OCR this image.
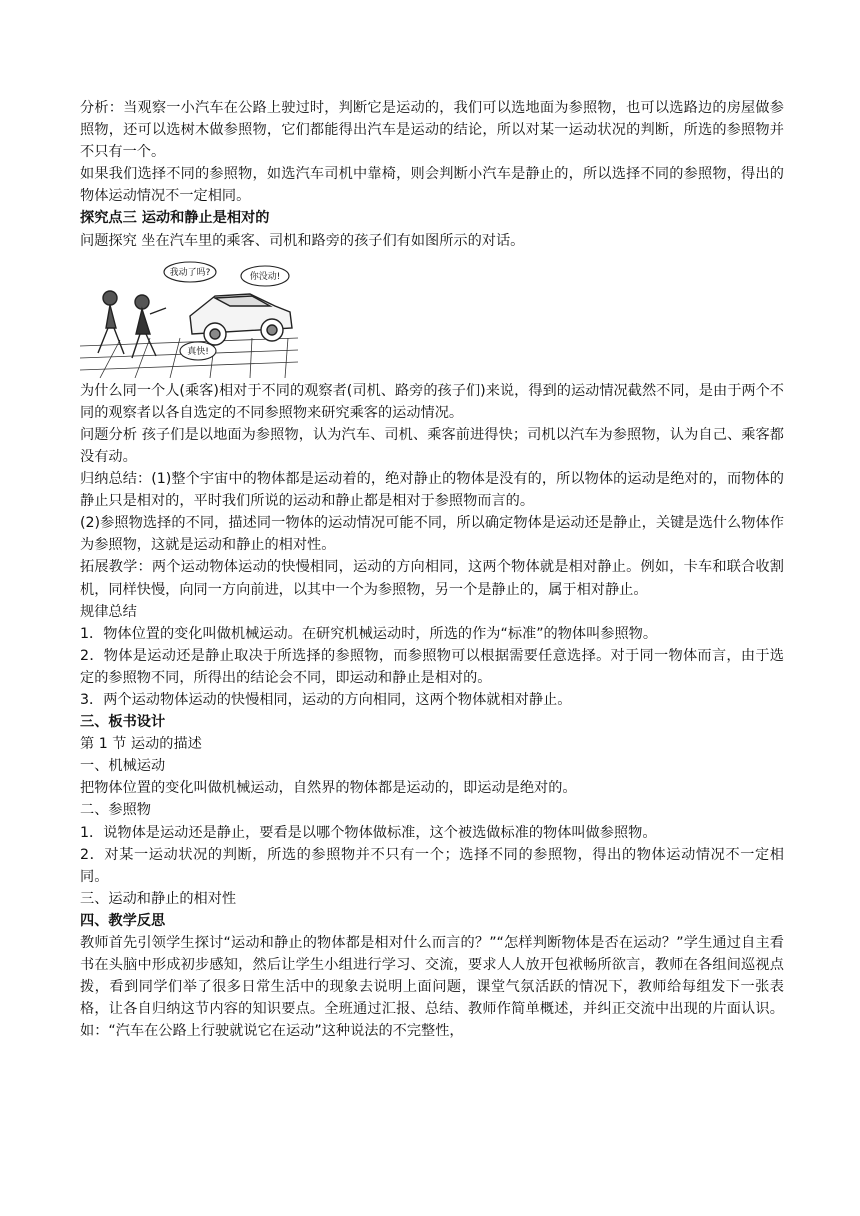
分析：当观察一小汽车在公路上驶过时，判断它是运动的，我们可以选地面为参照物，也可以选路边的房屋做参照物，还可以选树木做参照物，它们都能得出汽车是运动的结论，所以对某一运动状况的判断，所选的参照物并不只有一个。

如果我们选择不同的参照物，如选汽车司机中靠椅，则会判断小汽车是静止的，所以选择不同的参照物，得出的物体运动情况不一定相同。

探究点三 运动和静止是相对的

问题探究 坐在汽车里的乘客、司机和路旁的孩子们有如图所示的对话。

我动了吗?	你没动!
真快!

为什么同一个人(乘客)相对于不同的观察者(司机、路旁的孩子们)来说，得到的运动情况截然不同，是由于两个不同的观察者以各自选定的不同参照物来研究乘客的运动情况。

问题分析 孩子们是以地面为参照物，认为汽车、司机、乘客前进得快；司机以汽车为参照物，认为自己、乘客都没有动。

归纳总结：(1)整个宇宙中的物体都是运动着的，绝对静止的物体是没有的，所以物体的运动是绝对的，而物体的静止只是相对的，平时我们所说的运动和静止都是相对于参照物而言的。

(2)参照物选择的不同，描述同一物体的运动情况可能不同，所以确定物体是运动还是静止，关键是选什么物体作为参照物，这就是运动和静止的相对性。

拓展教学：两个运动物体运动的快慢相同，运动的方向相同，这两个物体就是相对静止。例如，卡车和联合收割机，同样快慢，向同一方向前进，以其中一个为参照物，另一个是静止的，属于相对静止。

规律总结

1．物体位置的变化叫做机械运动。在研究机械运动时，所选的作为“标准”的物体叫参照物。

2．物体是运动还是静止取决于所选择的参照物，而参照物可以根据需要任意选择。对于同一物体而言，由于选定的参照物不同，所得出的结论会不同，即运动和静止是相对的。

3．两个运动物体运动的快慢相同，运动的方向相同，这两个物体就相对静止。

三、板书设计

第 1 节 运动的描述

一、机械运动

把物体位置的变化叫做机械运动，自然界的物体都是运动的，即运动是绝对的。

二、参照物

1．说物体是运动还是静止，要看是以哪个物体做标准，这个被选做标准的物体叫做参照物。

2．对某一运动状况的判断，所选的参照物并不只有一个；选择不同的参照物，得出的物体运动情况不一定相同。

三、运动和静止的相对性

四、教学反思

教师首先引领学生探讨“运动和静止的物体都是相对什么而言的？”“怎样判断物体是否在运动？”学生通过自主看书在头脑中形成初步感知，然后让学生小组进行学习、交流，要求人人放开包袱畅所欲言，教师在各组间巡视点拨，看到同学们举了很多日常生活中的现象去说明上面问题，课堂气氛活跃的情况下，教师给每组发下一张表格，让各自归纳这节内容的知识要点。全班通过汇报、总结、教师作简单概述，并纠正交流中出现的片面认识。如：“汽车在公路上行驶就说它在运动”这种说法的不完整性，
